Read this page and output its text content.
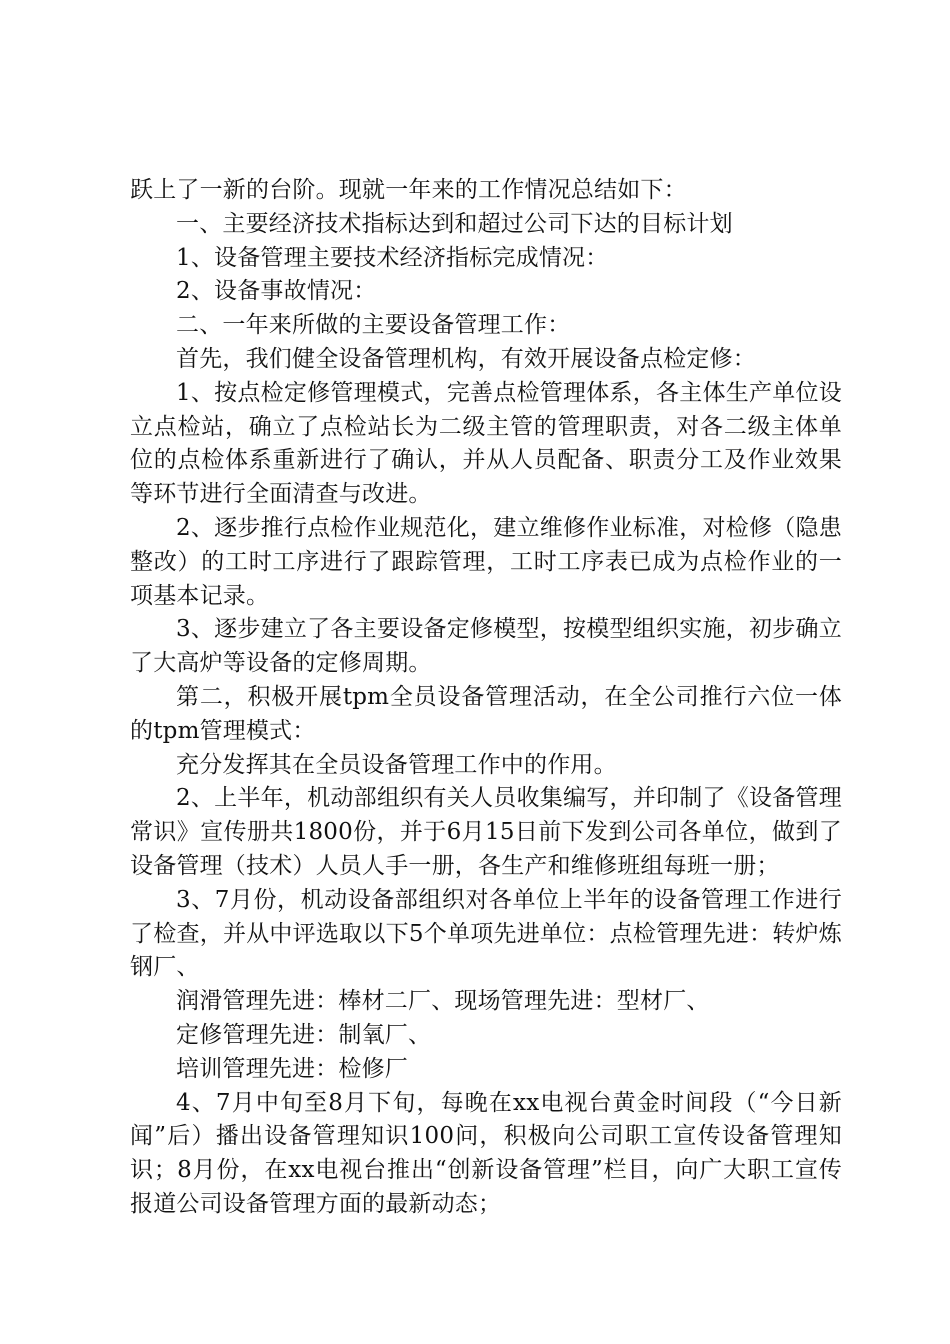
跃上了一新的台阶。现就一年来的工作情况总结如下：

一、主要经济技术指标达到和超过公司下达的目标计划

1、设备管理主要技术经济指标完成情况：

2、设备事故情况：

二、一年来所做的主要设备管理工作：

首先，我们健全设备管理机构，有效开展设备点检定修：

1、按点检定修管理模式，完善点检管理体系，各主体生产单位设立点检站，确立了点检站长为二级主管的管理职责，对各二级主体单位的点检体系重新进行了确认，并从人员配备、职责分工及作业效果等环节进行全面清查与改进。

2、逐步推行点检作业规范化，建立维修作业标准，对检修（隐患整改）的工时工序进行了跟踪管理，工时工序表已成为点检作业的一项基本记录。

3、逐步建立了各主要设备定修模型，按模型组织实施，初步确立了大高炉等设备的定修周期。

第二，积极开展tpm全员设备管理活动，在全公司推行六位一体的tpm管理模式：

充分发挥其在全员设备管理工作中的作用。

2、上半年，机动部组织有关人员收集编写，并印制了《设备管理常识》宣传册共1800份，并于6月15日前下发到公司各单位，做到了设备管理（技术）人员人手一册，各生产和维修班组每班一册；

3、7月份，机动设备部组织对各单位上半年的设备管理工作进行了检查，并从中评选取以下5个单项先进单位：点检管理先进：转炉炼钢厂、

润滑管理先进：棒材二厂、现场管理先进：型材厂、

定修管理先进：制氧厂、

培训管理先进：检修厂

4、7月中旬至8月下旬，每晚在xx电视台黄金时间段（“今日新闻”后）播出设备管理知识100问，积极向公司职工宣传设备管理知识；8月份，在xx电视台推出“创新设备管理”栏目，向广大职工宣传报道公司设备管理方面的最新动态；
